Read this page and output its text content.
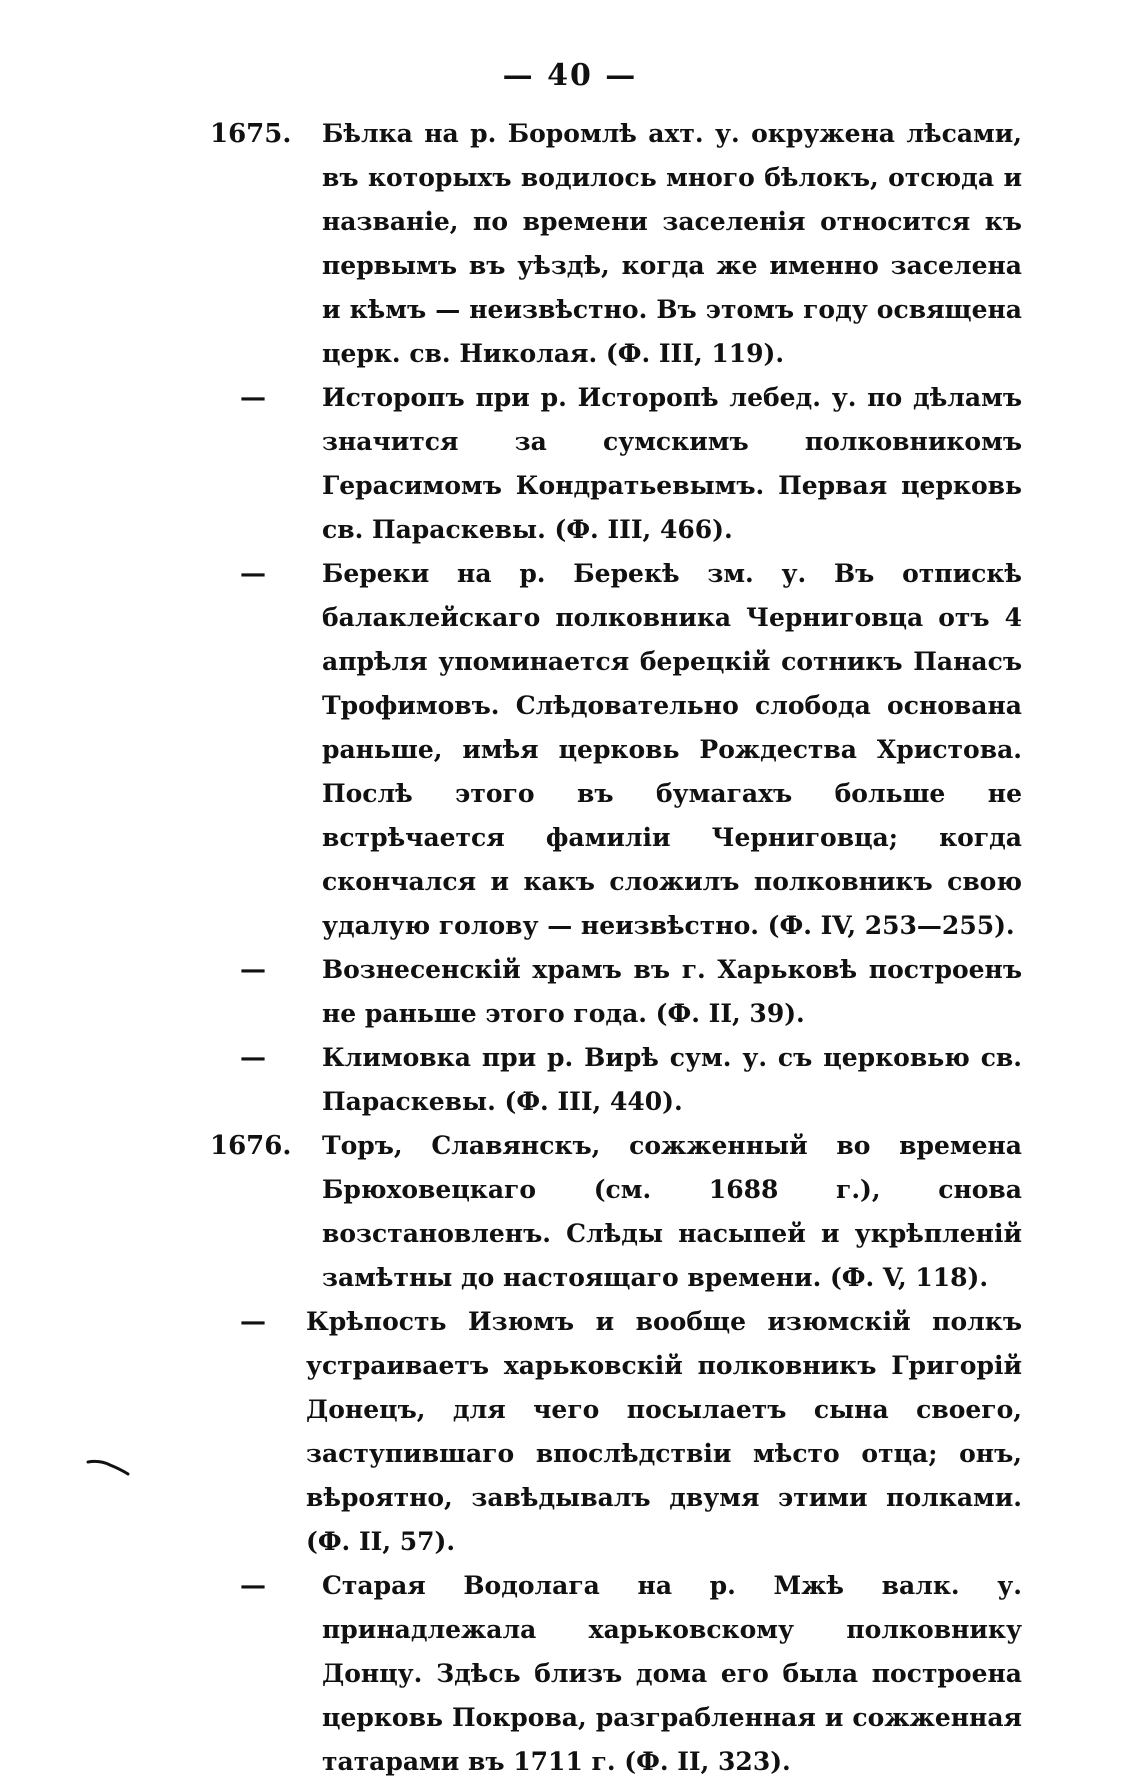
— 40 —
1675.	Бѣлка на р. Боромлѣ ахт. у. окружена лѣсами, въ которыхъ водилось много бѣлокъ, отсюда и названіе, по времени заселенія относится къ первымъ въ уѣздѣ, когда же именно заселена и кѣмъ — неизвѣстно. Въ этомъ году освящена церк. св. Николая. (Ф. III, 119).
—	Исторопъ при р. Исторопѣ лебед. у. по дѣламъ значится за сумскимъ полковникомъ Герасимомъ Кондратьевымъ. Первая церковь св. Параскевы. (Ф. III, 466).
—	Береки на р. Берекѣ зм. у. Въ отпискѣ балаклейскаго полковника Черниговца отъ 4 апрѣля упоминается берецкій сотникъ Панасъ Трофимовъ. Слѣдовательно слобода основана раньше, имѣя церковь Рождества Христова. Послѣ этого въ бумагахъ больше не встрѣчается фамиліи Черниговца; когда скончался и какъ сложилъ полковникъ свою удалую голову — неизвѣстно. (Ф. IV, 253—255).
—	Вознесенскій храмъ въ г. Харьковѣ построенъ не раньше этого года. (Ф. II, 39).
—	Климовка при р. Вирѣ сум. у. съ церковью св. Параскевы. (Ф. III, 440).
1676.	Торъ, Славянскъ, сожженный во времена Брюховецкаго (см. 1688 г.), снова возстановленъ. Слѣды насыпей и укрѣпленій замѣтны до настоящаго времени. (Ф. V, 118).
—	Крѣпость Изюмъ и вообще изюмскій полкъ устраиваетъ харьковскій полковникъ Григорій Донецъ, для чего посылаетъ сына своего, заступившаго впослѣдствіи мѣсто отца; онъ, вѣроятно, завѣдывалъ двумя этими полками. (Ф. II, 57).
—	Старая Водолага на р. Мжѣ валк. у. принадлежала харьковскому полковнику Донцу. Здѣсь близъ дома его была построена церковь Покрова, разграбленная и сожженная татарами въ 1711 г. (Ф. II, 323).
